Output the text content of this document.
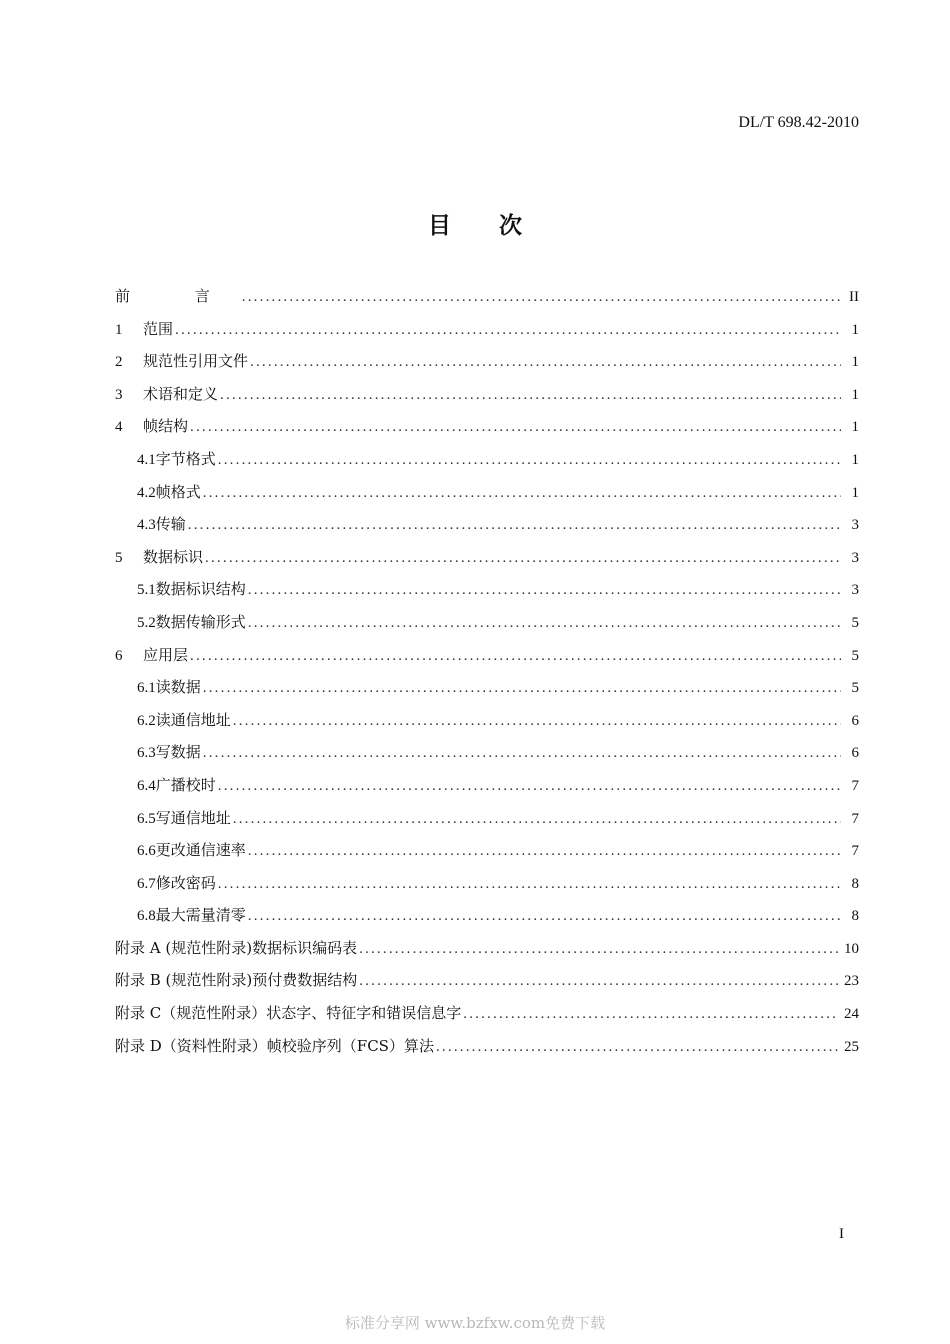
DL/T 698.42-2010
目次
前 言 .....	II
1 范围 .....	1
2 规范性引用文件 .....	1
3 术语和定义 .....	1
4 帧结构 .....	1
4.1字节格式 .....	1
4.2帧格式 .....	1
4.3传输 .....	3
5 数据标识 .....	3
5.1数据标识结构 .....	3
5.2数据传输形式 .....	5
6 应用层 .....	5
6.1读数据 .....	5
6.2读通信地址 .....	6
6.3写数据 .....	6
6.4广播校时 .....	7
6.5写通信地址 .....	7
6.6更改通信速率 .....	7
6.7修改密码 .....	8
6.8最大需量清零 .....	8
附录 A (规范性附录)数据标识编码表 .....	10
附录 B (规范性附录)预付费数据结构 .....	23
附录 C（规范性附录）状态字、特征字和错误信息字 .....	24
附录 D（资料性附录）帧校验序列（FCS）算法 .....	25
I
标准分享网 www.bzfxw.com免费下载
